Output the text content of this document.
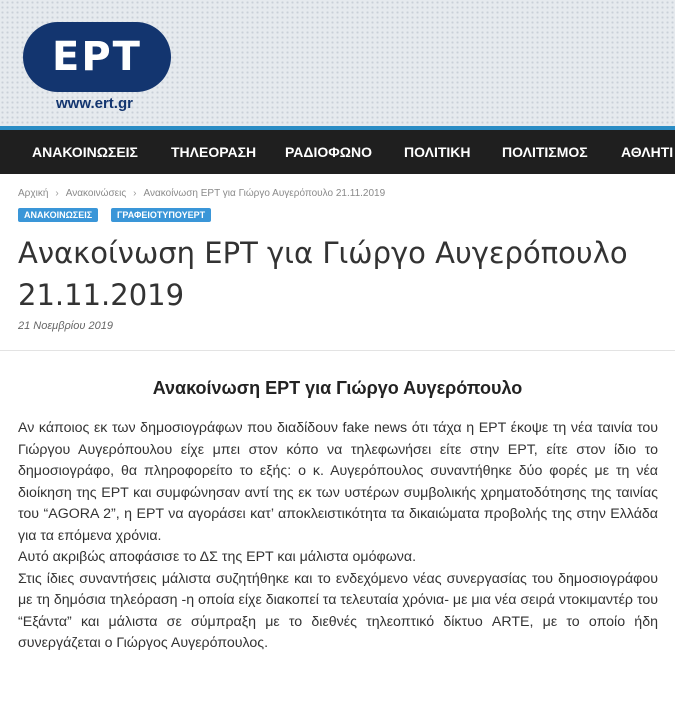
ΕΡΤ
www.ert.gr
ΑΝΑΚΟΙΝΩΣΕΙΣ ΤΗΛΕΟΡΑΣΗ ΡΑΔΙΟΦΩΝΟ ΠΟΛΙΤΙΚΗ ΠΟΛΙΤΙΣΜΟΣ ΑΘΛΗΤΙ
Αρχική › Ανακοινώσεις › Ανακοίνωση ΕΡΤ για Γιώργο Αυγερόπουλο 21.11.2019
ΑΝΑΚΟΙΝΩΣΕΙΣ	ΓΡΑΦΕΙΟΤΥΠΟΥΕΡΤ
Ανακοίνωση ΕΡΤ για Γιώργο Αυγερόπουλο 21.11.2019
21 Νοεμβρίου 2019
Ανακοίνωση ΕΡΤ για Γιώργο Αυγερόπουλο

Αν κάποιος εκ των δημοσιογράφων που διαδίδουν fake news ότι τάχα η ΕΡΤ έκοψε τη νέα ταινία του Γιώργου Αυγερόπουλου είχε μπει στον κόπο να τηλεφωνήσει είτε στην ΕΡΤ, είτε στον ίδιο το δημοσιογράφο, θα πληροφορείτο το εξής: ο κ. Αυγερόπουλος συναντήθηκε δύο φορές με τη νέα διοίκηση της ΕΡΤ και συμφώνησαν αντί της εκ των υστέρων συμβολικής χρηματοδότησης της ταινίας του “AGORA 2”, η ΕΡΤ να αγοράσει κατ’ αποκλειστικότητα τα δικαιώματα προβολής της στην Ελλάδα για τα επόμενα χρόνια.

Αυτό ακριβώς αποφάσισε το ΔΣ της ΕΡΤ και μάλιστα ομόφωνα.

Στις ίδιες συναντήσεις μάλιστα συζητήθηκε και το ενδεχόμενο νέας συνεργασίας του δημοσιογράφου με τη δημόσια τηλεόραση -η οποία είχε διακοπεί τα τελευταία χρόνια- με μια νέα σειρά ντοκιμαντέρ του “Εξάντα” και μάλιστα σε σύμπραξη με το διεθνές τηλεοπτικό δίκτυο ARTE, με το οποίο ήδη συνεργάζεται ο Γιώργος Αυγερόπουλος.
